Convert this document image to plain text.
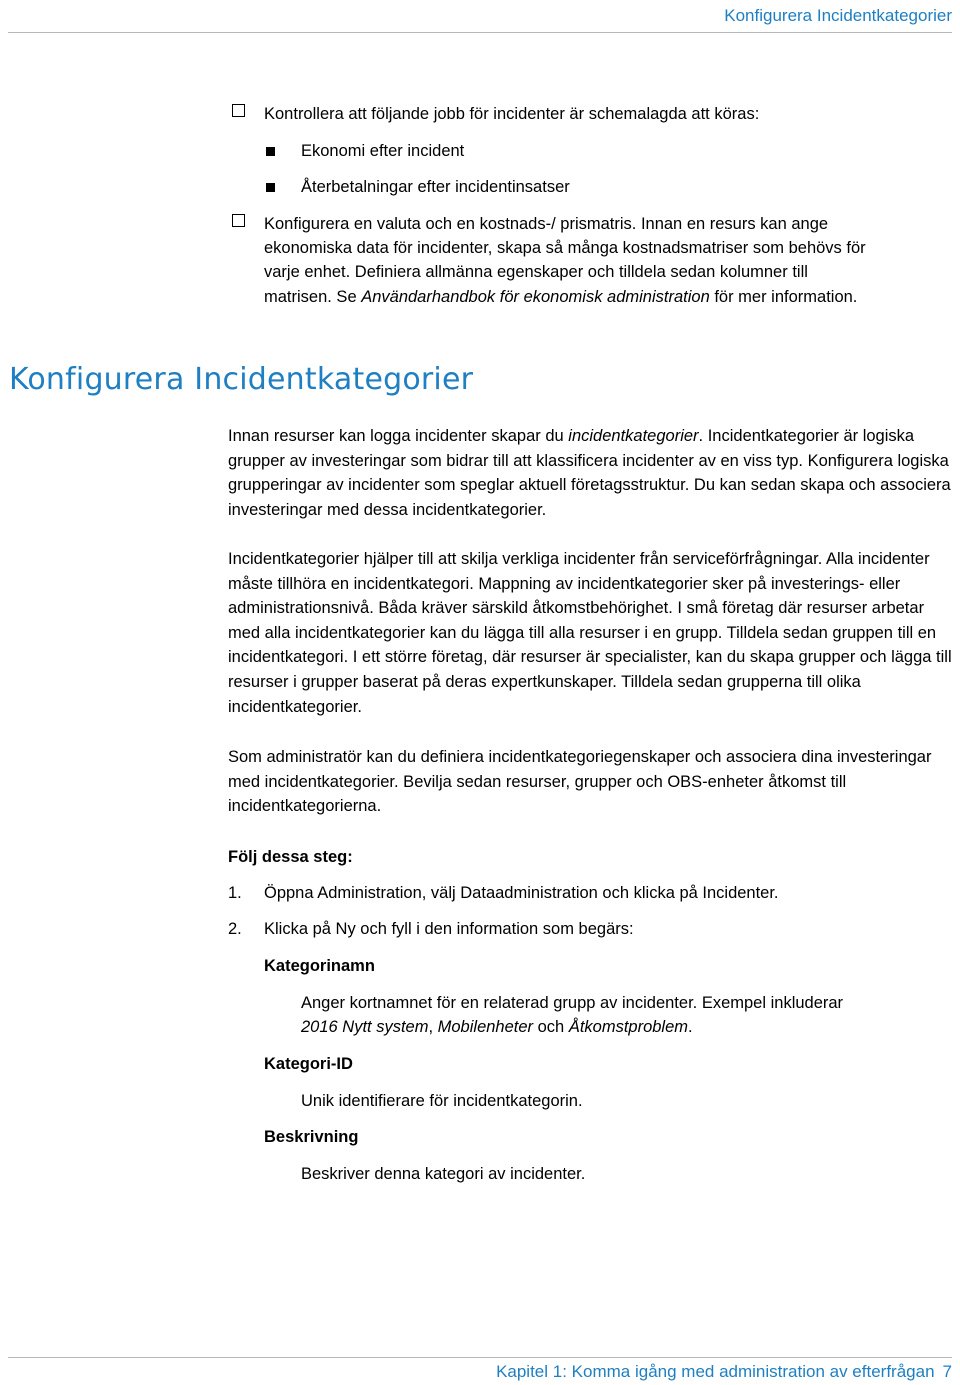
Konfigurera Incidentkategorier
Kontrollera att följande jobb för incidenter är schemalagda att köras:
Ekonomi efter incident
Återbetalningar efter incidentinsatser
Konfigurera en valuta och en kostnads-/ prismatris. Innan en resurs kan ange
ekonomiska data för incidenter, skapa så många kostnadsmatriser som behövs för
varje enhet. Definiera allmänna egenskaper och tilldela sedan kolumner till
matrisen. Se Användarhandbok för ekonomisk administration för mer information.
Konfigurera Incidentkategorier

Innan resurser kan logga incidenter skapar du incidentkategorier. Incidentkategorier är logiska grupper av investeringar som bidrar till att klassificera incidenter av en viss typ. Konfigurera logiska grupperingar av incidenter som speglar aktuell företagsstruktur. Du kan sedan skapa och associera investeringar med dessa incidentkategorier.

Incidentkategorier hjälper till att skilja verkliga incidenter från serviceförfrågningar. Alla incidenter måste tillhöra en incidentkategori. Mappning av incidentkategorier sker på investerings- eller administrationsnivå. Båda kräver särskild åtkomstbehörighet. I små företag där resurser arbetar med alla incidentkategorier kan du lägga till alla resurser i en grupp. Tilldela sedan gruppen till en incidentkategori. I ett större företag, där resurser är specialister, kan du skapa grupper och lägga till resurser i grupper baserat på deras expertkunskaper. Tilldela sedan grupperna till olika incidentkategorier.

Som administratör kan du definiera incidentkategoriegenskaper och associera dina investeringar med incidentkategorier. Bevilja sedan resurser, grupper och OBS-enheter åtkomst till incidentkategorierna.

Följ dessa steg:
1. Öppna Administration, välj Dataadministration och klicka på Incidenter.
2. Klicka på Ny och fyll i den information som begärs:
Kategorinamn
Anger kortnamnet för en relaterad grupp av incidenter. Exempel inkluderar
2016 Nytt system, Mobilenheter och Åtkomstproblem.
Kategori-ID
Unik identifierare för incidentkategorin.
Beskrivning
Beskriver denna kategori av incidenter.
Kapitel 1: Komma igång med administration av efterfrågan 7
